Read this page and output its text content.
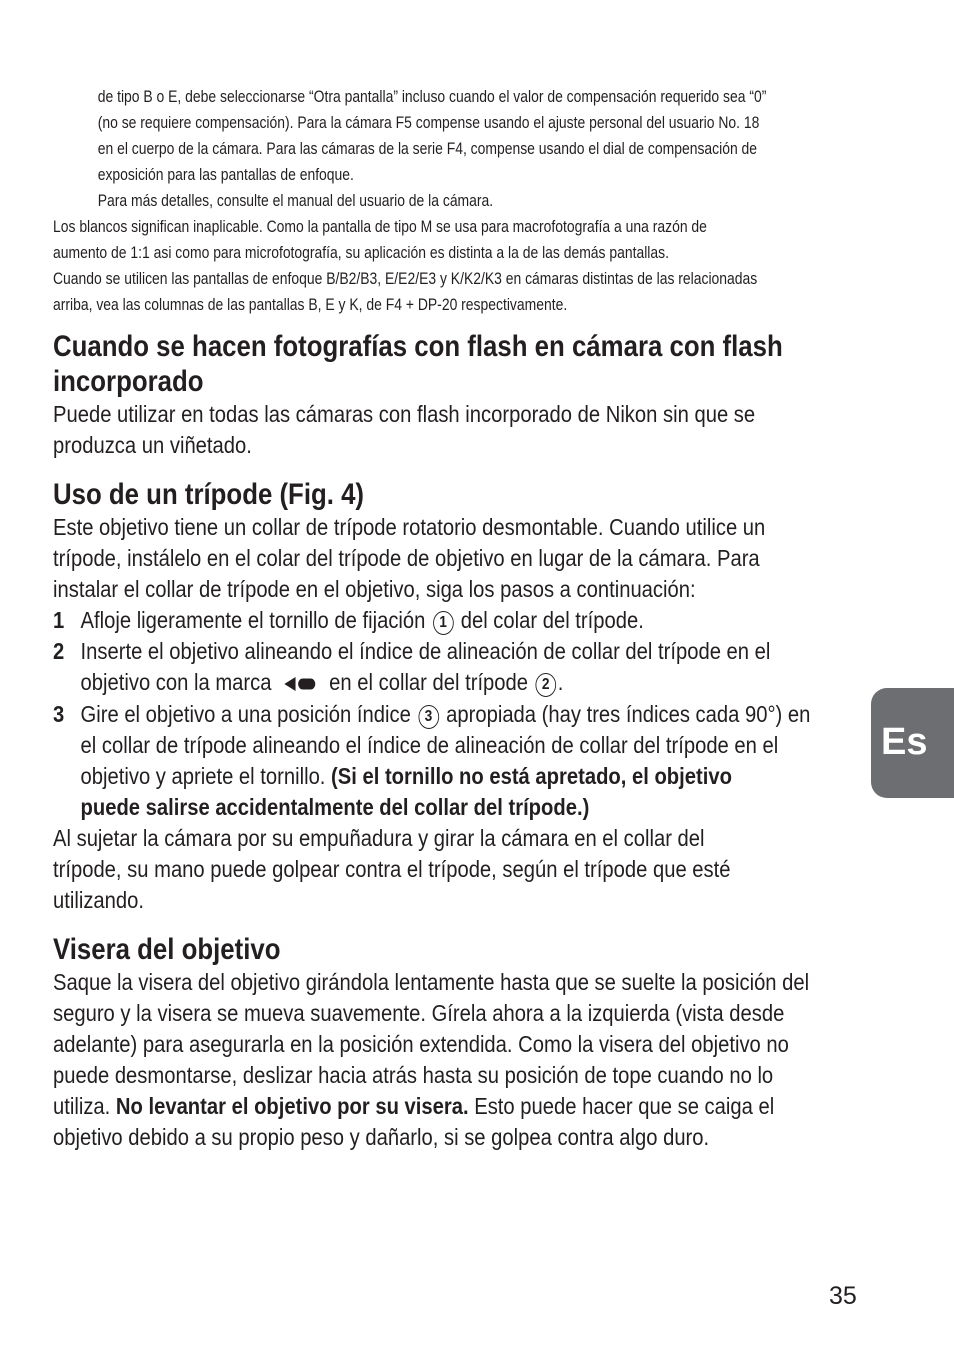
de tipo B o E, debe seleccionarse “Otra pantalla” incluso cuando el valor de compensación requerido sea “0”

(no se requiere compensación). Para la cámara F5 compense usando el ajuste personal del usuario No. 18

en el cuerpo de la cámara. Para las cámaras de la serie F4, compense usando el dial de compensación de

exposición para las pantallas de enfoque.

Para más detalles, consulte el manual del usuario de la cámara.

Los blancos significan inaplicable. Como la pantalla de tipo M se usa para macrofotografía a una razón de

aumento de 1:1 asi como para microfotografía, su aplicación es distinta a la de las demás pantallas.

Cuando se utilicen las pantallas de enfoque B/B2/B3, E/E2/E3 y K/K2/K3 en cámaras distintas de las relacionadas

arriba, vea las columnas de las pantallas B, E y K, de F4 + DP-20 respectivamente.

Cuando se hacen fotografías con flash en cámara con flash
incorporado

Puede utilizar en todas las cámaras con flash incorporado de Nikon sin que se
produzca un viñetado.

Uso de un trípode (Fig. 4)

Este objetivo tiene un collar de trípode rotatorio desmontable. Cuando utilice un
trípode, instálelo en el colar del trípode de objetivo en lugar de la cámara. Para
instalar el collar de trípode en el objetivo, siga los pasos a continuación:

1 Afloje ligeramente el tornillo de fijación 1 del colar del trípode.

2 Inserte el objetivo alineando el índice de alineación de collar del trípode en el
objetivo con la marca en el collar del trípode 2 .

3 Gire el objetivo a una posición índice 3 apropiada (hay tres índices cada 90°) en
el collar de trípode alineando el índice de alineación de collar del trípode en el
objetivo y apriete el tornillo. (Si el tornillo no está apretado, el objetivo
puede salirse accidentalmente del collar del trípode.)

Al sujetar la cámara por su empuñadura y girar la cámara en el collar del
trípode, su mano puede golpear contra el trípode, según el trípode que esté
utilizando.

Visera del objetivo

Saque la visera del objetivo girándola lentamente hasta que se suelte la posición del
seguro y la visera se mueva suavemente. Gírela ahora a la izquierda (vista desde
adelante) para asegurarla en la posición extendida. Como la visera del objetivo no
puede desmontarse, deslizar hacia atrás hasta su posición de tope cuando no lo
utiliza. No levantar el objetivo por su visera. Esto puede hacer que se caiga el
objetivo debido a su propio peso y dañarlo, si se golpea contra algo duro.

Es
35
